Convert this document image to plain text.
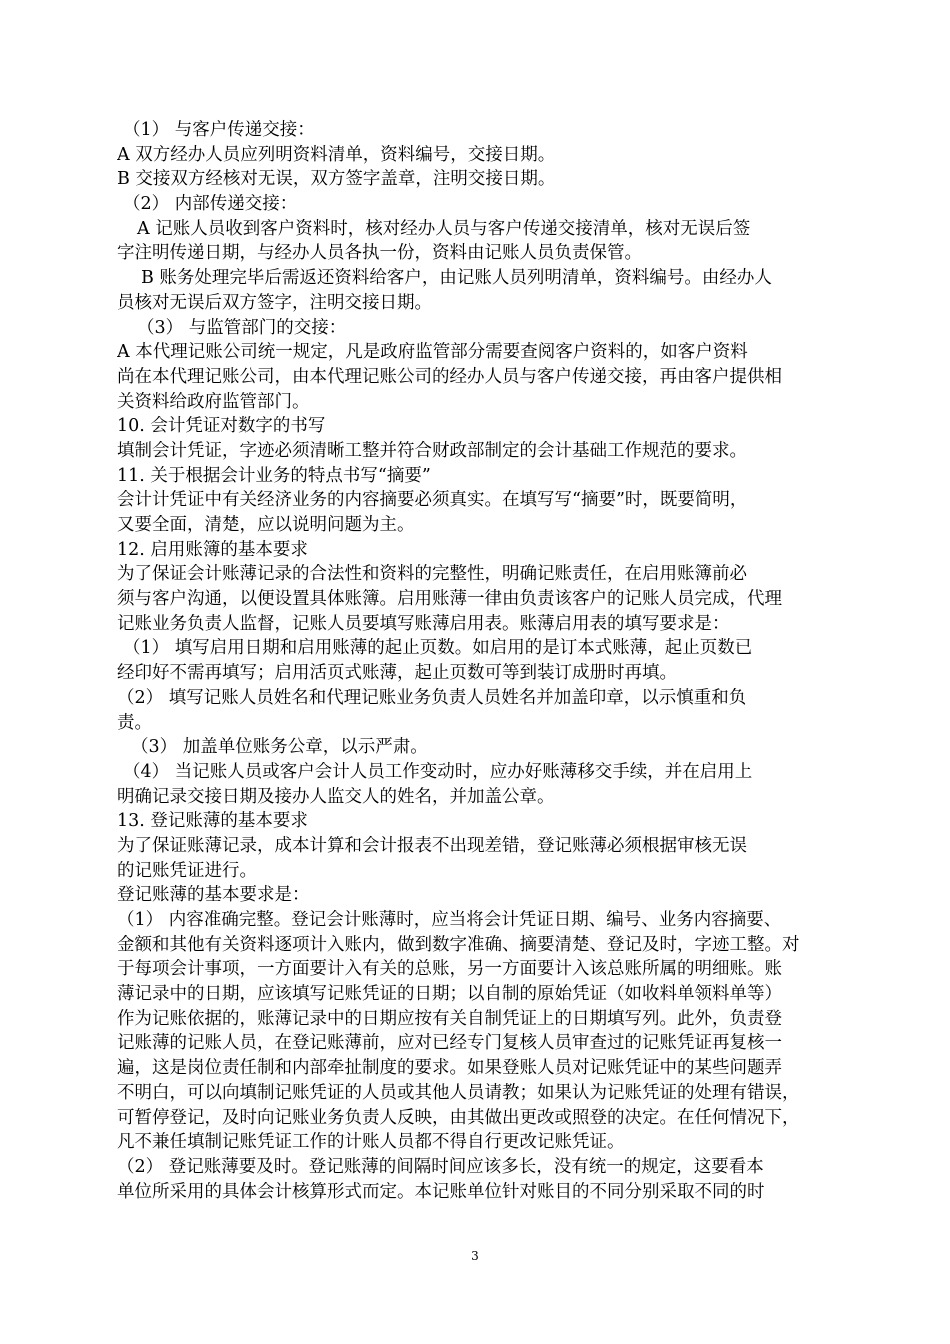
（1） 与客户传递交接：
A 双方经办人员应列明资料清单，资料编号，交接日期。
B 交接双方经核对无误，双方签字盖章，注明交接日期。
（2） 内部传递交接：
A 记账人员收到客户资料时，核对经办人员与客户传递交接清单，核对无误后签
字注明传递日期，与经办人员各执一份，资料由记账人员负责保管。
B 账务处理完毕后需返还资料给客户，由记账人员列明清单，资料编号。由经办人
员核对无误后双方签字，注明交接日期。
（3） 与监管部门的交接：
A 本代理记账公司统一规定，凡是政府监管部分需要查阅客户资料的，如客户资料
尚在本代理记账公司，由本代理记账公司的经办人员与客户传递交接，再由客户提供相
关资料给政府监管部门。
10. 会计凭证对数字的书写
填制会计凭证，字迹必须清晰工整并符合财政部制定的会计基础工作规范的要求。
11. 关于根据会计业务的特点书写“摘要”
会计计凭证中有关经济业务的内容摘要必须真实。在填写写“摘要”时，既要简明，
又要全面，清楚，应以说明问题为主。
12. 启用账簿的基本要求
为了保证会计账薄记录的合法性和资料的完整性，明确记账责任，在启用账簿前必
须与客户沟通，以便设置具体账簿。启用账薄一律由负责该客户的记账人员完成，代理
记账业务负责人监督，记账人员要填写账薄启用表。账薄启用表的填写要求是：
（1） 填写启用日期和启用账薄的起止页数。如启用的是订本式账薄，起止页数已
经印好不需再填写；启用活页式账薄，起止页数可等到装订成册时再填。
（2） 填写记账人员姓名和代理记账业务负责人员姓名并加盖印章，以示慎重和负
责。
（3） 加盖单位账务公章，以示严肃。
（4） 当记账人员或客户会计人员工作变动时，应办好账薄移交手续，并在启用上
明确记录交接日期及接办人监交人的姓名，并加盖公章。
13. 登记账薄的基本要求
为了保证账薄记录，成本计算和会计报表不出现差错，登记账薄必须根据审核无误
的记账凭证进行。
登记账薄的基本要求是：
（1） 内容准确完整。登记会计账薄时，应当将会计凭证日期、编号、业务内容摘要、
金额和其他有关资料逐项计入账内，做到数字准确、摘要清楚、登记及时，字迹工整。对
于每项会计事项，一方面要计入有关的总账，另一方面要计入该总账所属的明细账。账
薄记录中的日期，应该填写记账凭证的日期；以自制的原始凭证（如收料单领料单等）
作为记账依据的，账薄记录中的日期应按有关自制凭证上的日期填写列。此外，负责登
记账薄的记账人员，在登记账薄前，应对已经专门复核人员审查过的记账凭证再复核一
遍，这是岗位责任制和内部牵扯制度的要求。如果登账人员对记账凭证中的某些问题弄
不明白，可以向填制记账凭证的人员或其他人员请教；如果认为记账凭证的处理有错误，
可暂停登记，及时向记账业务负责人反映，由其做出更改或照登的决定。在任何情况下，
凡不兼任填制记账凭证工作的计账人员都不得自行更改记账凭证。
（2） 登记账薄要及时。登记账薄的间隔时间应该多长，没有统一的规定，这要看本
单位所采用的具体会计核算形式而定。本记账单位针对账目的不同分别采取不同的时
3
